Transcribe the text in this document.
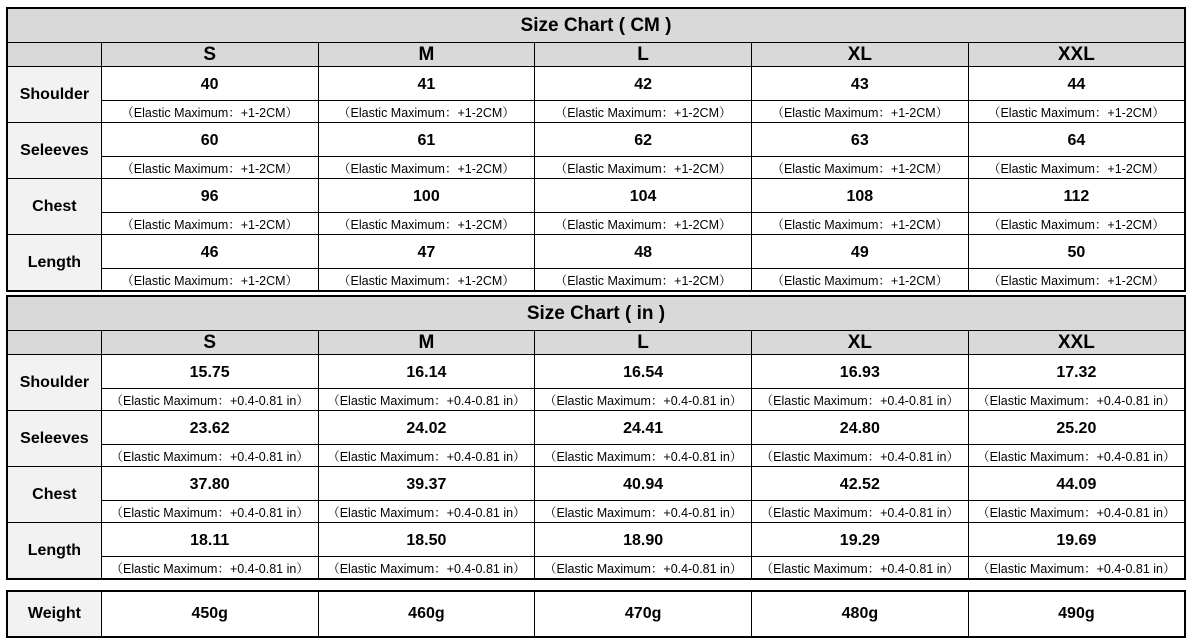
Size Chart ( CM )					
	S	M	L	XL	XXL
Shoulder	40	41	42	43	44
	（Elastic Maximum：+1-2CM）	（Elastic Maximum：+1-2CM）	（Elastic Maximum：+1-2CM）	（Elastic Maximum：+1-2CM）	（Elastic Maximum：+1-2CM）
Seleeves	60	61	62	63	64
	（Elastic Maximum：+1-2CM）	（Elastic Maximum：+1-2CM）	（Elastic Maximum：+1-2CM）	（Elastic Maximum：+1-2CM）	（Elastic Maximum：+1-2CM）
Chest	96	100	104	108	112
	（Elastic Maximum：+1-2CM）	（Elastic Maximum：+1-2CM）	（Elastic Maximum：+1-2CM）	（Elastic Maximum：+1-2CM）	（Elastic Maximum：+1-2CM）
Length	46	47	48	49	50
	（Elastic Maximum：+1-2CM）	（Elastic Maximum：+1-2CM）	（Elastic Maximum：+1-2CM）	（Elastic Maximum：+1-2CM）	（Elastic Maximum：+1-2CM）
Size Chart ( in )					
	S	M	L	XL	XXL
Shoulder	15.75	16.14	16.54	16.93	17.32
	（Elastic Maximum：+0.4-0.81 in）	（Elastic Maximum：+0.4-0.81 in）	（Elastic Maximum：+0.4-0.81 in）	（Elastic Maximum：+0.4-0.81 in）	（Elastic Maximum：+0.4-0.81 in）
Seleeves	23.62	24.02	24.41	24.80	25.20
	（Elastic Maximum：+0.4-0.81 in）	（Elastic Maximum：+0.4-0.81 in）	（Elastic Maximum：+0.4-0.81 in）	（Elastic Maximum：+0.4-0.81 in）	（Elastic Maximum：+0.4-0.81 in）
Chest	37.80	39.37	40.94	42.52	44.09
	（Elastic Maximum：+0.4-0.81 in）	（Elastic Maximum：+0.4-0.81 in）	（Elastic Maximum：+0.4-0.81 in）	（Elastic Maximum：+0.4-0.81 in）	（Elastic Maximum：+0.4-0.81 in）
Length	18.11	18.50	18.90	19.29	19.69
	（Elastic Maximum：+0.4-0.81 in）	（Elastic Maximum：+0.4-0.81 in）	（Elastic Maximum：+0.4-0.81 in）	（Elastic Maximum：+0.4-0.81 in）	（Elastic Maximum：+0.4-0.81 in）
Weight	450g	460g	470g	480g	490g
